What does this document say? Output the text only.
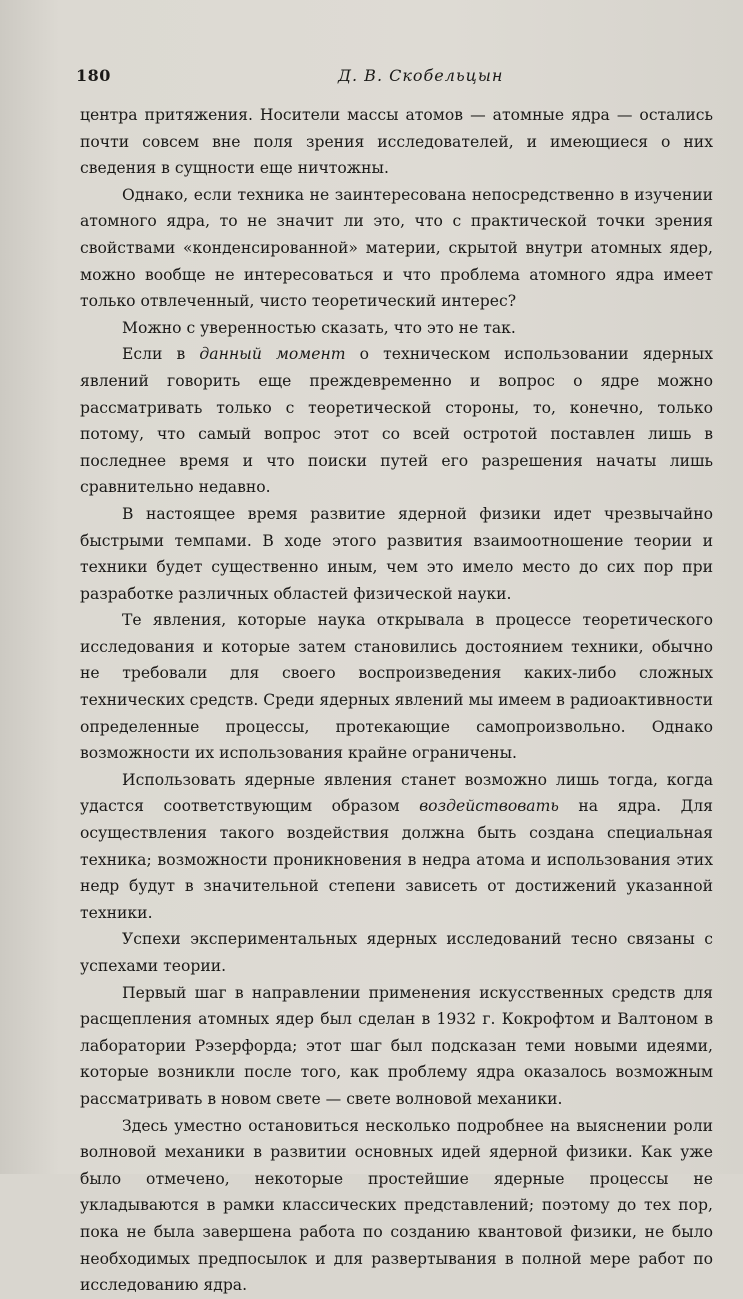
180	Д. В. Скобельцын

центра притяжения. Носители массы атомов — атомные ядра — остались почти совсем вне поля зрения исследователей, и имеющиеся о них сведения в сущности еще ничтожны.

Однако, если техника не заинтересована непосредственно в изучении атомного ядра, то не значит ли это, что с практической точки зрения свойствами «конденсированной» материи, скрытой внутри атомных ядер, можно вообще не интересоваться и что проблема атомного ядра имеет только отвлеченный, чисто теоретический интерес?

Можно с уверенностью сказать, что это не так.

Если в данный момент о техническом использовании ядерных явлений говорить еще преждевременно и вопрос о ядре можно рассматривать только с теоретической стороны, то, конечно, только потому, что самый вопрос этот со всей остротой поставлен лишь в последнее время и что поиски путей его разрешения начаты лишь сравнительно недавно.

В настоящее время развитие ядерной физики идет чрезвычайно быстрыми темпами. В ходе этого развития взаимоотношение теории и техники будет существенно иным, чем это имело место до сих пор при разработке различных областей физической науки.

Те явления, которые наука открывала в процессе теоретического исследования и которые затем становились достоянием техники, обычно не требовали для своего воспроизведения каких-либо сложных технических средств. Среди ядерных явлений мы имеем в радиоактивности определенные процессы, протекающие самопроизвольно. Однако возможности их использования крайне ограничены.

Использовать ядерные явления станет возможно лишь тогда, когда удастся соответствующим образом воздействовать на ядра. Для осуществления такого воздействия должна быть создана специальная техника; возможности проникновения в недра атома и использования этих недр будут в значительной степени зависеть от достижений указанной техники.

Успехи экспериментальных ядерных исследований тесно связаны с успехами теории.

Первый шаг в направлении применения искусственных средств для расщепления атомных ядер был сделан в 1932 г. Кокрофтом и Валтоном в лаборатории Рэзерфорда; этот шаг был подсказан теми новыми идеями, которые возникли после того, как проблему ядра оказалось возможным рассматривать в новом свете — свете волновой механики.

Здесь уместно остановиться несколько подробнее на выяснении роли волновой механики в развитии основных идей ядерной физики. Как уже было отмечено, некоторые простейшие ядерные процессы не укладываются в рамки классических представлений; поэтому до тех пор, пока не была завершена работа по созданию квантовой физики, не было необходимых предпосылок и для развертывания в полной мере работ по исследованию ядра.
